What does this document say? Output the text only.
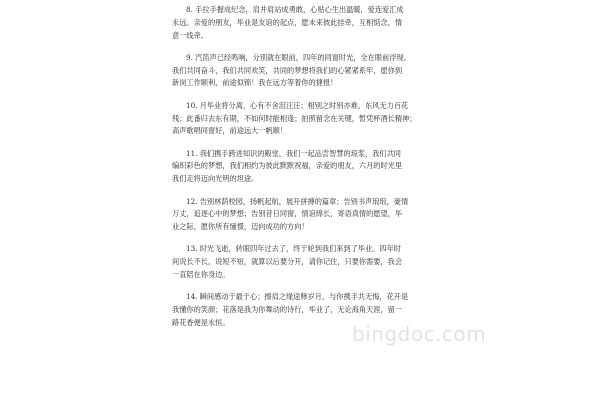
8. 手拉手握成纪念，肩并肩站成勇敢，心贴心生出温暖，爱连爱汇成
永远。亲爱的朋友，毕业是友谊的起点，愿未来彼此挂牵，互相惦念，情
意一线牵。
9. 汽笛声已经鸣响，分别就在眼前，四年的同窗时光，全在眼前浮现。
我们共同奋斗，我们共同欢笑，共同的梦想将我们的心紧紧系牢，愿你到
新岗工作顺利，前途似锦！我在远方等着你的捷报！
10. 月毕业将分离，心有不舍泪汪汪；相别之时别亦难，东风无力百花
残；此番归去东有期，不如何时能相逢；拍照留念在关键，暂凭杯酒长精神；
高声歌唱同窗好，前途远大一帆顺！
11. 我们携手跨进知识的殿堂，我们一起品尝智慧的琼浆，我们共同
编织彩色的梦想，我们相约为彼此默默祝福，亲爱的朋友，六月的时光里
我们走将迈向光明的坦途。
12. 告别林荫校园，扬帆起航，展开拼搏的篇章；告别书声琅琅，豪情
万丈，追逐心中的梦想；告别昔日同窗，情谊绵长，寄语真情的愿望，毕
业之际，愿你所有憧憬，迈向成功的方向！
13. 时光飞逝，转眼四年过去了，终于轮到我们来到了毕业。四年时
间说长不长，说短不短，就算以后要分开，请你记住，只要你需要，我会
一直陪在你身边。
14. 瞬间感动于最于心；擦肩之缘途释岁月，与你携手共无悔，花开是
我懂你的笑颜；花落是我为你舞动的诗行，毕业了，无论海角天涯，留一
路花香便是永恒。	bingdoc.com
